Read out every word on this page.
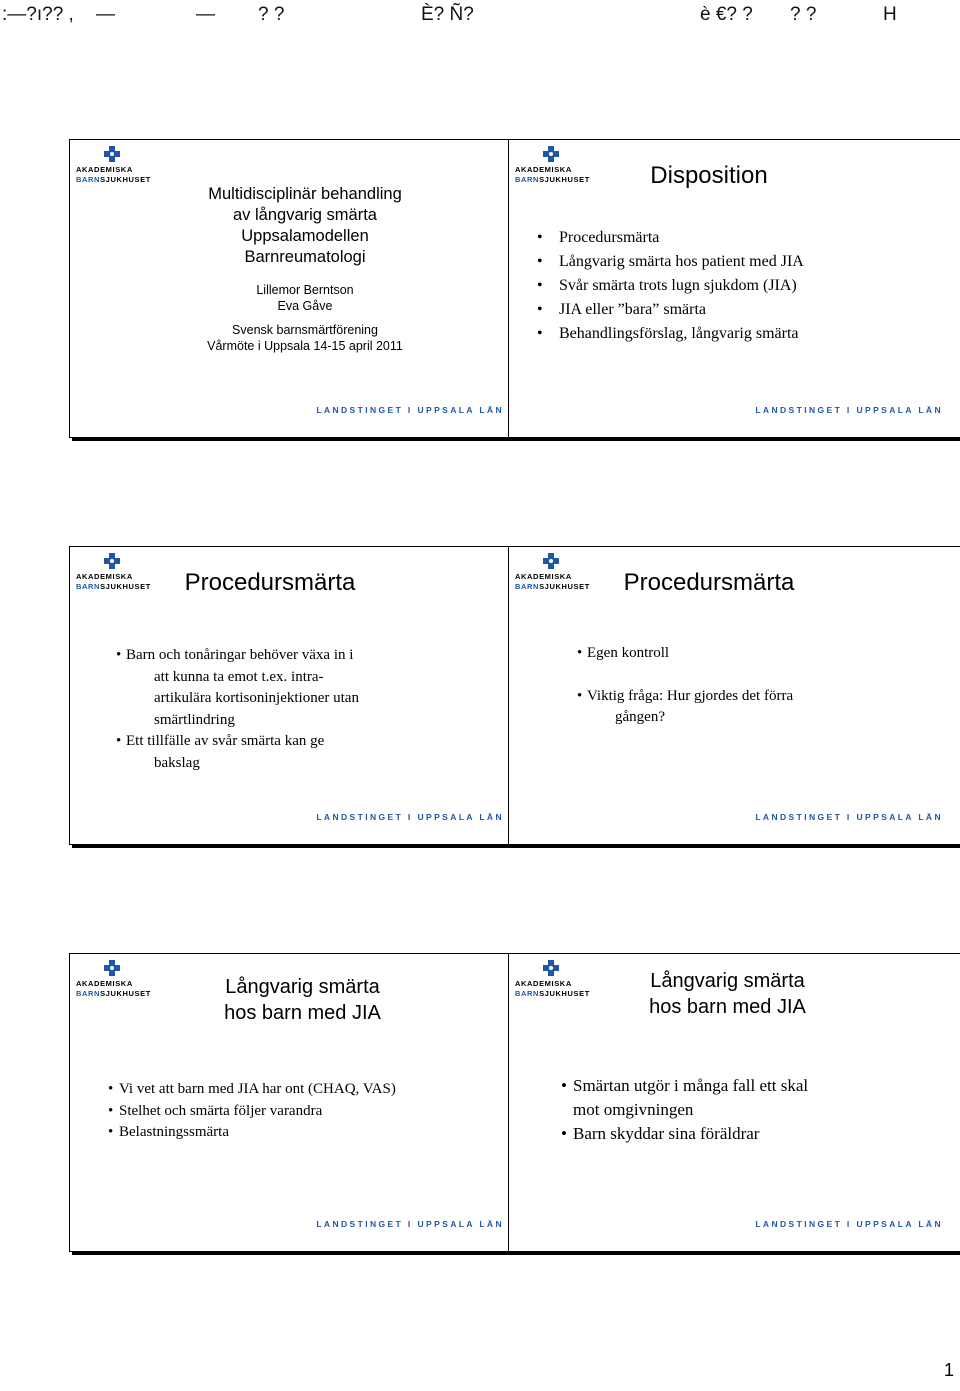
:—?ı?? , —	— ? ?	È? Ñ?	è €? ? ? ?	H
AKADEMISKA
BARNSJUKHUSET
Multidisciplinär behandling
av långvarig smärta
Uppsalamodellen
Barnreumatologi
Lillemor Berntson
Eva Gåve
Svensk barnsmärtförening
Vårmöte i Uppsala 14-15 april 2011
LANDSTINGET I UPPSALA LÄN
AKADEMISKA
BARNSJUKHUSET	Disposition
• Procedursmärta
• Långvarig smärta hos patient med JIA
• Svår smärta trots lugn sjukdom (JIA)
• JIA eller ”bara” smärta
• Behandlingsförslag, långvarig smärta
LANDSTINGET I UPPSALA LÄN
AKADEMISKA
BARNSJUKHUSET	Procedursmärta
• Barn och tonåringar behöver växa in i
att kunna ta emot t.ex. intra-
artikulära kortisoninjektioner utan
smärtlindring
• Ett tillfälle av svår smärta kan ge
bakslag
LANDSTINGET I UPPSALA LÄN
AKADEMISKA
BARNSJUKHUSET	Procedursmärta
• Egen kontroll
• Viktig fråga: Hur gjordes det förra
gången?
LANDSTINGET I UPPSALA LÄN
AKADEMISKA
BARNSJUKHUSET	Långvarig smärta
hos barn med JIA
• Vi vet att barn med JIA har ont (CHAQ, VAS)
• Stelhet och smärta följer varandra
• Belastningssmärta
LANDSTINGET I UPPSALA LÄN
AKADEMISKA
BARNSJUKHUSET
Långvarig smärta
hos barn med JIA
• Smärtan utgör i många fall ett skal
mot omgivningen
• Barn skyddar sina föräldrar
LANDSTINGET I UPPSALA LÄN
1
